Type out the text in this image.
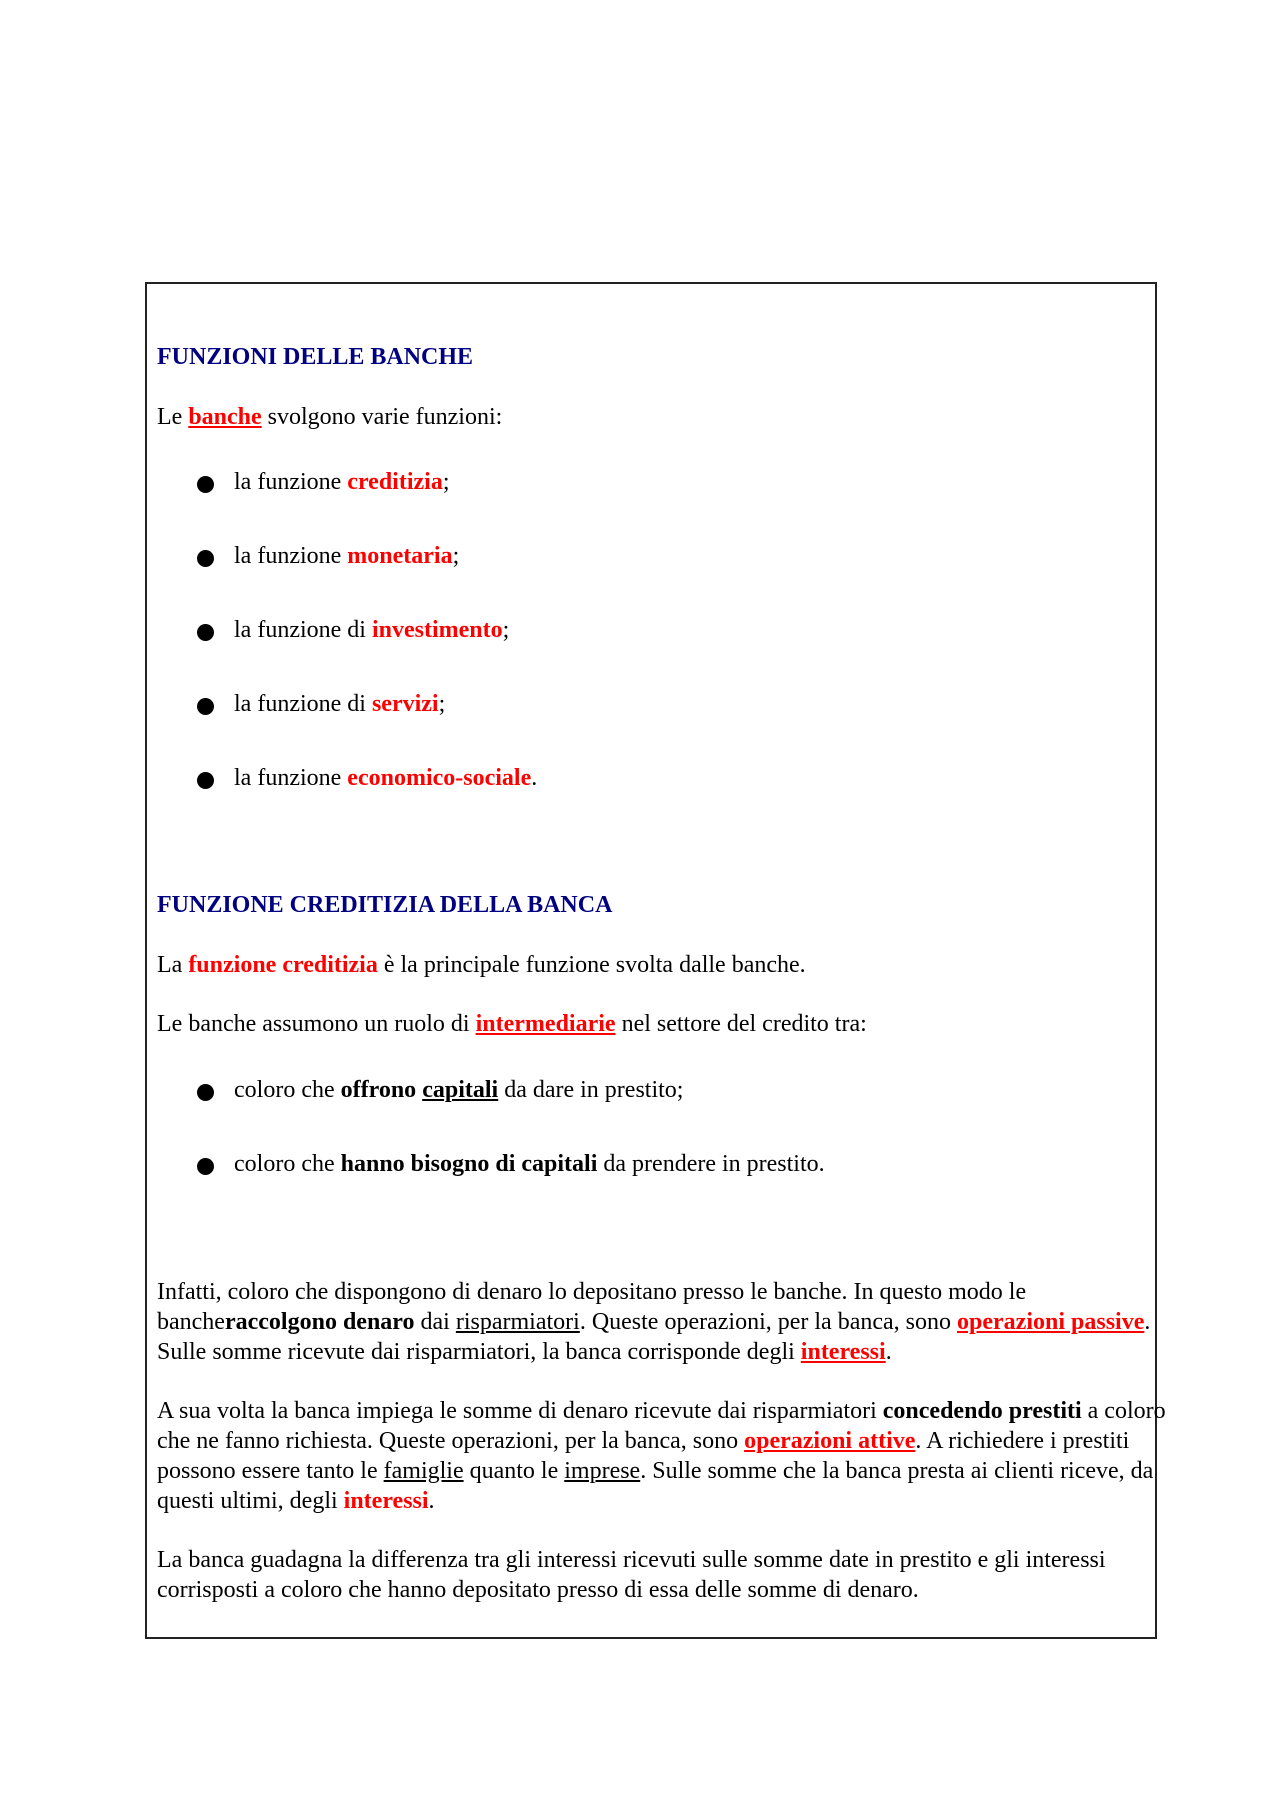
FUNZIONI DELLE BANCHE
Le banche svolgono varie funzioni:
la funzione creditizia;
la funzione monetaria;
la funzione di investimento;
la funzione di servizi;
la funzione economico-sociale.
FUNZIONE CREDITIZIA DELLA BANCA
La funzione creditizia è la principale funzione svolta dalle banche.
Le banche assumono un ruolo di intermediarie nel settore del credito tra:
coloro che offrono capitali da dare in prestito;
coloro che hanno bisogno di capitali da prendere in prestito.
Infatti, coloro che dispongono di denaro lo depositano presso le banche. In questo modo le bancheraccolgono denaro dai risparmiatori. Queste operazioni, per la banca, sono operazioni passive. Sulle somme ricevute dai risparmiatori, la banca corrisponde degli interessi.
A sua volta la banca impiega le somme di denaro ricevute dai risparmiatori concedendo prestiti a coloro che ne fanno richiesta. Queste operazioni, per la banca, sono operazioni attive. A richiedere i prestiti possono essere tanto le famiglie quanto le imprese. Sulle somme che la banca presta ai clienti riceve, da questi ultimi, degli interessi.
La banca guadagna la differenza tra gli interessi ricevuti sulle somme date in prestito e gli interessi corrisposti a coloro che hanno depositato presso di essa delle somme di denaro.
